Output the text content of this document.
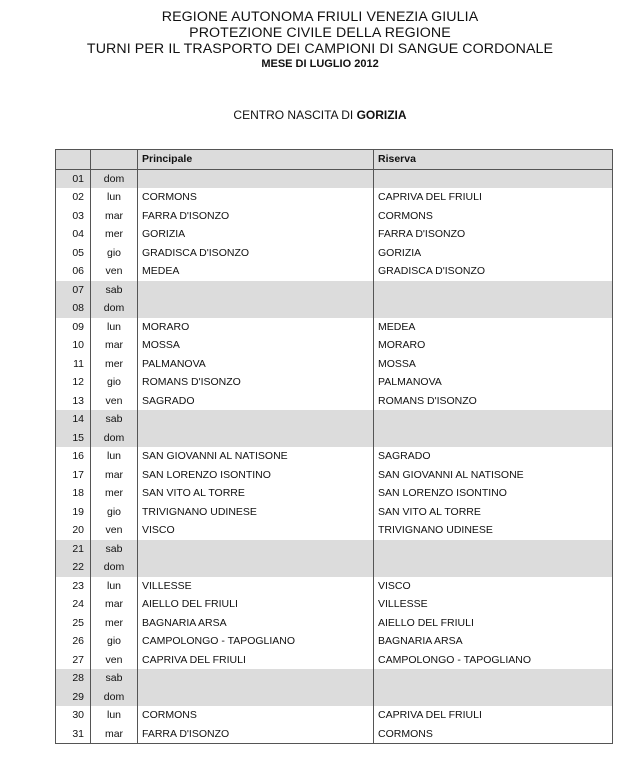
REGIONE AUTONOMA FRIULI VENEZIA GIULIA
PROTEZIONE CIVILE DELLA REGIONE
TURNI PER IL TRASPORTO DEI CAMPIONI DI SANGUE CORDONALE
MESE DI LUGLIO 2012
CENTRO NASCITA DI GORIZIA
		Principale	Riserva
01	dom		
02	lun	CORMONS	CAPRIVA DEL FRIULI
03	mar	FARRA D'ISONZO	CORMONS
04	mer	GORIZIA	FARRA D'ISONZO
05	gio	GRADISCA D'ISONZO	GORIZIA
06	ven	MEDEA	GRADISCA D'ISONZO
07	sab		
08	dom		
09	lun	MORARO	MEDEA
10	mar	MOSSA	MORARO
11	mer	PALMANOVA	MOSSA
12	gio	ROMANS D'ISONZO	PALMANOVA
13	ven	SAGRADO	ROMANS D'ISONZO
14	sab		
15	dom		
16	lun	SAN GIOVANNI AL NATISONE	SAGRADO
17	mar	SAN LORENZO ISONTINO	SAN GIOVANNI AL NATISONE
18	mer	SAN VITO AL TORRE	SAN LORENZO ISONTINO
19	gio	TRIVIGNANO UDINESE	SAN VITO AL TORRE
20	ven	VISCO	TRIVIGNANO UDINESE
21	sab		
22	dom		
23	lun	VILLESSE	VISCO
24	mar	AIELLO DEL FRIULI	VILLESSE
25	mer	BAGNARIA ARSA	AIELLO DEL FRIULI
26	gio	CAMPOLONGO - TAPOGLIANO	BAGNARIA ARSA
27	ven	CAPRIVA DEL FRIULI	CAMPOLONGO - TAPOGLIANO
28	sab		
29	dom		
30	lun	CORMONS	CAPRIVA DEL FRIULI
31	mar	FARRA D'ISONZO	CORMONS
